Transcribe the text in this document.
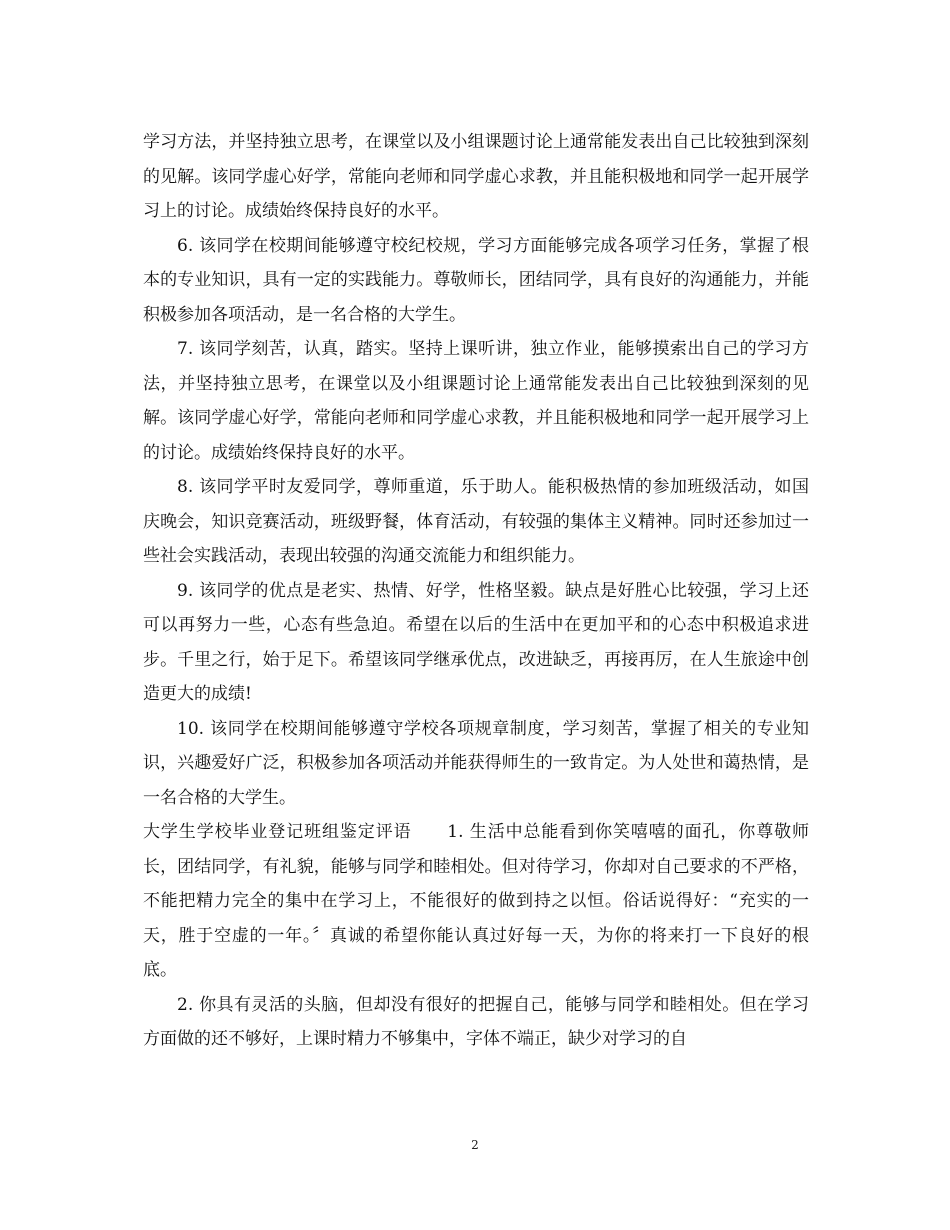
学习方法，并坚持独立思考，在课堂以及小组课题讨论上通常能发表出自己比较独到深刻的见解。该同学虚心好学，常能向老师和同学虚心求教，并且能积极地和同学一起开展学习上的讨论。成绩始终保持良好的水平。

6. 该同学在校期间能够遵守校纪校规，学习方面能够完成各项学习任务，掌握了根本的专业知识，具有一定的实践能力。尊敬师长，团结同学，具有良好的沟通能力，并能积极参加各项活动，是一名合格的大学生。

7. 该同学刻苦，认真，踏实。坚持上课听讲，独立作业，能够摸索出自己的学习方法，并坚持独立思考，在课堂以及小组课题讨论上通常能发表出自己比较独到深刻的见解。该同学虚心好学，常能向老师和同学虚心求教，并且能积极地和同学一起开展学习上的讨论。成绩始终保持良好的水平。

8. 该同学平时友爱同学，尊师重道，乐于助人。能积极热情的参加班级活动，如国庆晚会，知识竞赛活动，班级野餐，体育活动，有较强的集体主义精神。同时还参加过一些社会实践活动，表现出较强的沟通交流能力和组织能力。

9. 该同学的优点是老实、热情、好学，性格坚毅。缺点是好胜心比较强，学习上还可以再努力一些，心态有些急迫。希望在以后的生活中在更加平和的心态中积极追求进步。千里之行，始于足下。希望该同学继承优点，改进缺乏，再接再厉，在人生旅途中创造更大的成绩!

10. 该同学在校期间能够遵守学校各项规章制度，学习刻苦，掌握了相关的专业知识，兴趣爱好广泛，积极参加各项活动并能获得师生的一致肯定。为人处世和蔼热情，是一名合格的大学生。

大学生学校毕业登记班组鉴定评语　　1. 生活中总能看到你笑嘻嘻的面孔，你尊敬师长，团结同学，有礼貌，能够与同学和睦相处。但对待学习，你却对自己要求的不严格，不能把精力完全的集中在学习上，不能很好的做到持之以恒。俗话说得好：“充实的一天，胜于空虚的一年。〞真诚的希望你能认真过好每一天，为你的将来打一下良好的根底。

2. 你具有灵活的头脑，但却没有很好的把握自己，能够与同学和睦相处。但在学习方面做的还不够好，上课时精力不够集中，字体不端正，缺少对学习的自

2
